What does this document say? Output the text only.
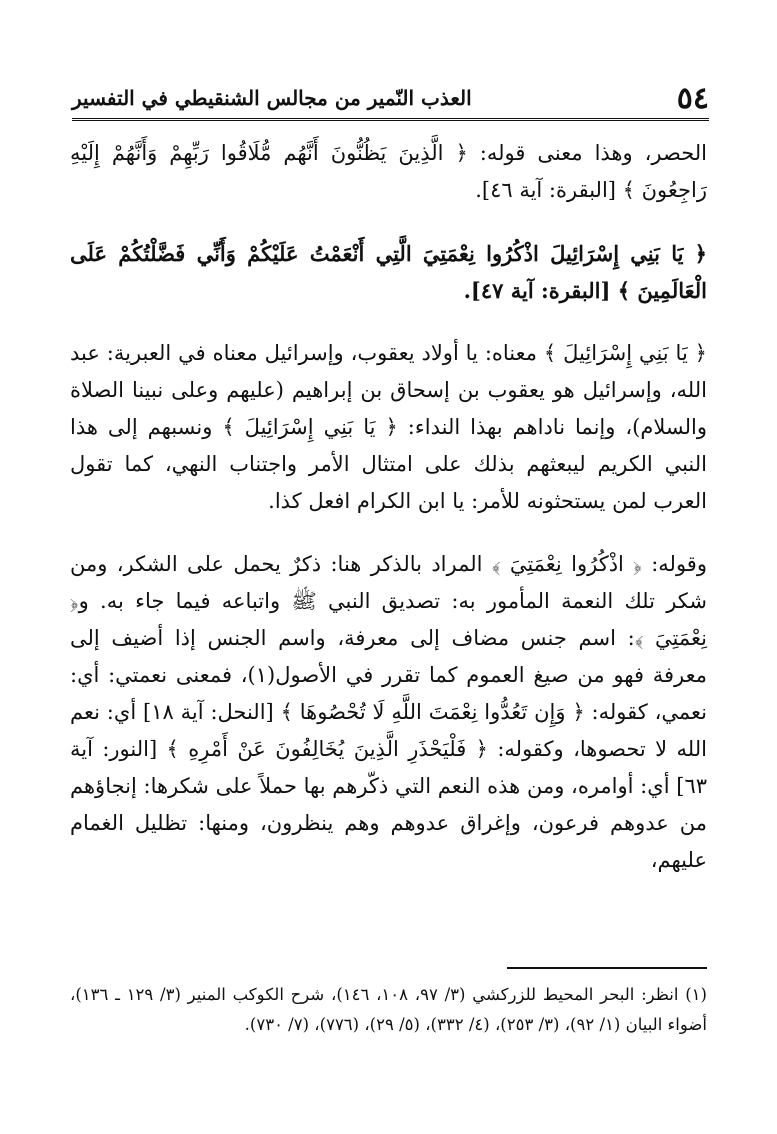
٥٤
العذب النّمير من مجالس الشنقيطي في التفسير

الحصر، وهذا معنى قوله: ﴿ الَّذِينَ يَظُنُّونَ أَنَّهُم مُّلَاقُوا رَبِّهِمْ وَأَنَّهُمْ إِلَيْهِ رَاجِعُونَ ﴾ [البقرة: آية ٤٦].

﴿ يَا بَنِي إِسْرَائِيلَ اذْكُرُوا نِعْمَتِيَ الَّتِي أَنْعَمْتُ عَلَيْكُمْ وَأَنِّي فَضَّلْتُكُمْ عَلَى الْعَالَمِينَ ﴾ [البقرة: آية ٤٧].

﴿ يَا بَنِي إِسْرَائِيلَ ﴾ معناه: يا أولاد يعقوب، وإسرائيل معناه في العبرية: عبد الله، وإسرائيل هو يعقوب بن إسحاق بن إبراهيم (عليهم وعلى نبينا الصلاة والسلام)، وإنما ناداهم بهذا النداء: ﴿ يَا بَنِي إِسْرَائِيلَ ﴾ ونسبهم إلى هذا النبي الكريم ليبعثهم بذلك على امتثال الأمر واجتناب النهي، كما تقول العرب لمن يستحثونه للأمر: يا ابن الكرام افعل كذا.

وقوله: ﴿ اذْكُرُوا نِعْمَتِيَ ﴾ المراد بالذكر هنا: ذكرٌ يحمل على الشكر، ومن شكر تلك النعمة المأمور به: تصديق النبي ﷺ واتباعه فيما جاء به. و﴿ نِعْمَتِيَ ﴾: اسم جنس مضاف إلى معرفة، واسم الجنس إذا أضيف إلى معرفة فهو من صيغ العموم كما تقرر في الأصول(١)، فمعنى نعمتي: أي: نعمي، كقوله: ﴿ وَإِن تَعُدُّوا نِعْمَتَ اللَّهِ لَا تُحْصُوهَا ﴾ [النحل: آية ١٨] أي: نعم الله لا تحصوها، وكقوله: ﴿ فَلْيَحْذَرِ الَّذِينَ يُخَالِفُونَ عَنْ أَمْرِهِ ﴾ [النور: آية ٦٣] أي: أوامره، ومن هذه النعم التي ذكّرهم بها حملاً على شكرها: إنجاؤهم من عدوهم فرعون، وإغراق عدوهم وهم ينظرون، ومنها: تظليل الغمام عليهم،

(١) انظر: البحر المحيط للزركشي (٣/ ٩٧، ١٠٨، ١٤٦)، شرح الكوكب المنير (٣/ ١٢٩ ـ ١٣٦)، أضواء البيان (١/ ٩٢)، (٣/ ٢٥٣)، (٤/ ٣٣٢)، (٥/ ٢٩)، (٧٧٦)، (٧/ ٧٣٠).
